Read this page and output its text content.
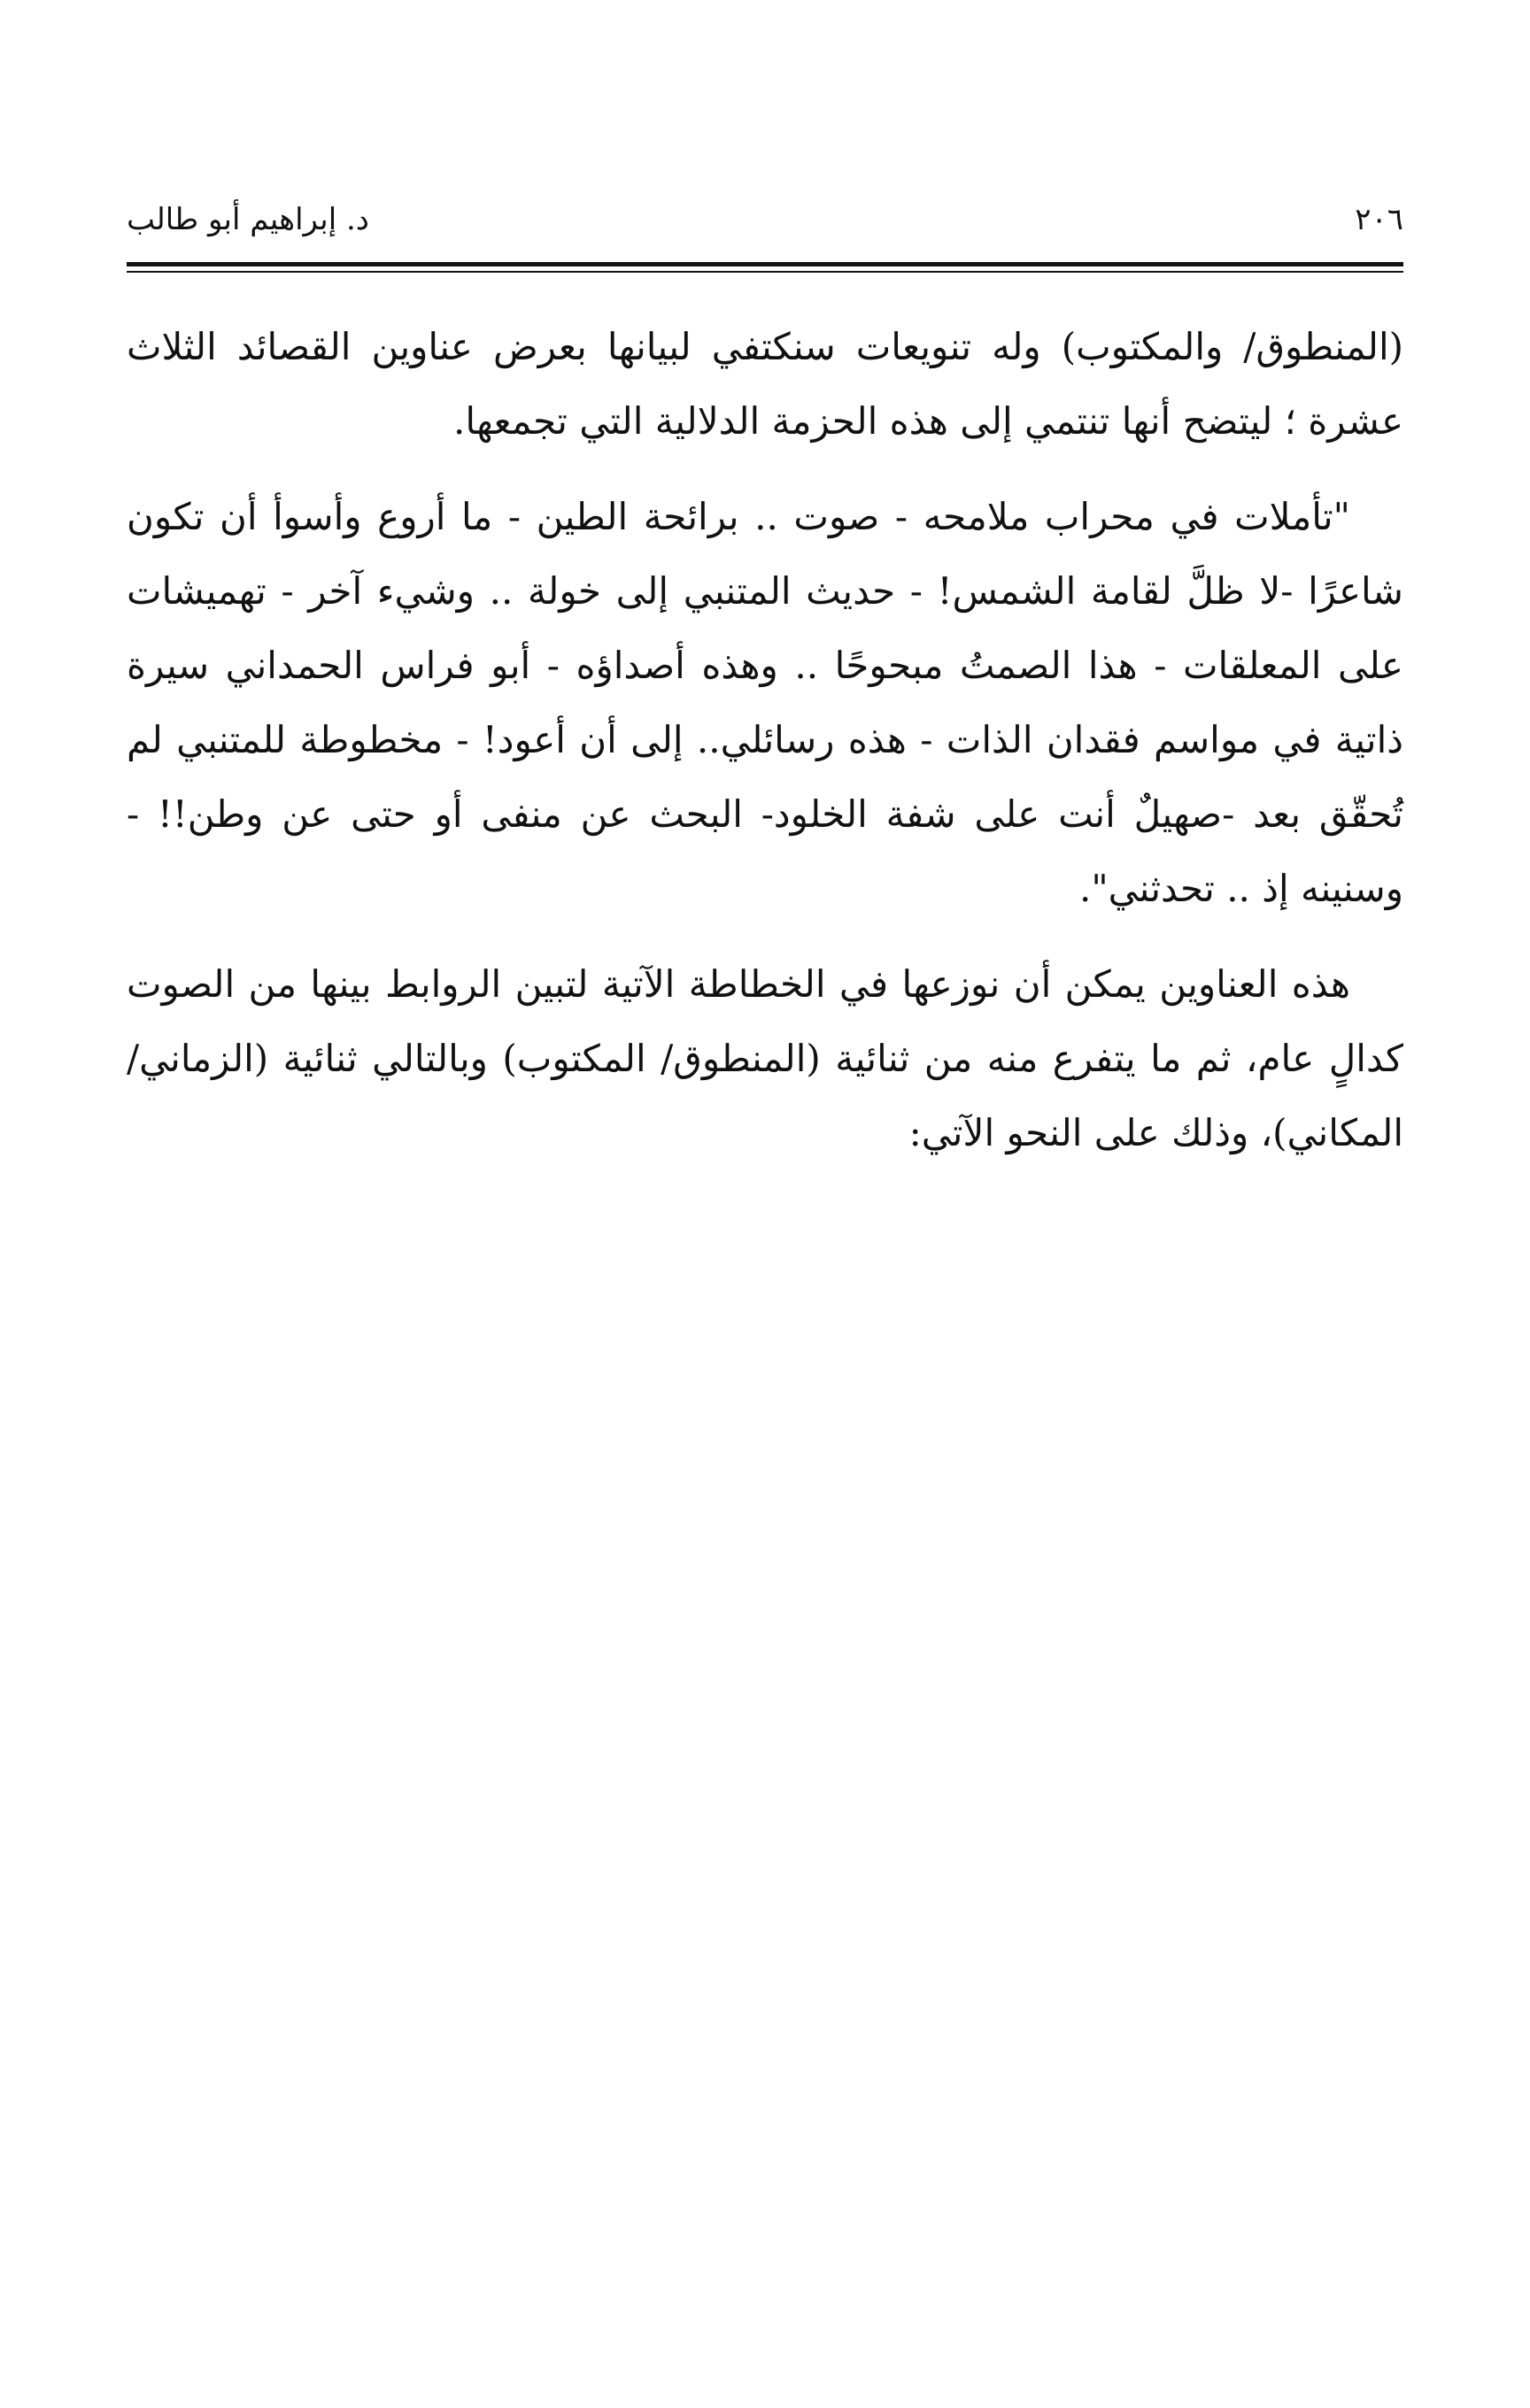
٢٠٦
د. إبراهيم أبو طالب

(المنطوق/ والمكتوب) وله تنويعات سنكتفي لبيانها بعرض عناوين القصائد الثلاث عشرة ؛ ليتضح أنها تنتمي إلى هذه الحزمة الدلالية التي تجمعها.

"تأملات في محراب ملامحه - صوت .. برائحة الطين - ما أروع وأسوأ أن تكون شاعرًا -لا ظلَّ لقامة الشمس! - حديث المتنبي إلى خولة .. وشيء آخر - تهميشات على المعلقات - هذا الصمتُ مبحوحًا .. وهذه أصداؤه - أبو فراس الحمداني سيرة ذاتية في مواسم فقدان الذات - هذه رسائلي.. إلى أن أعود! - مخطوطة للمتنبي لم تُحقّق بعد -صهيلٌ أنت على شفة الخلود- البحث عن منفى أو حتى عن وطن!! - وسنينه إذ .. تحدثني".

هذه العناوين يمكن أن نوزعها في الخطاطة الآتية لتبين الروابط بينها من الصوت كدالٍ عام، ثم ما يتفرع منه من ثنائية (المنطوق/ المكتوب) وبالتالي ثنائية (الزماني/ المكاني)، وذلك على النحو الآتي:
